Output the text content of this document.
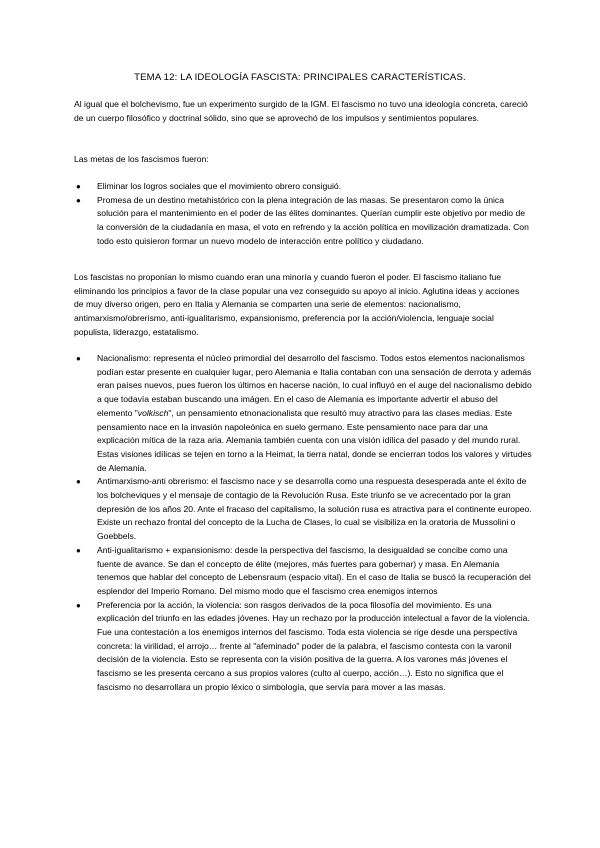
TEMA 12: LA IDEOLOGÍA FASCISTA: PRINCIPALES CARACTERÍSTICAS.

Al igual que el bolchevismo, fue un experimento surgido de la IGM. El fascismo no tuvo una ideología concreta, careció de un cuerpo filosófico y doctrinal sólido, sino que se aprovechó de los impulsos y sentimientos populares.

Las metas de los fascismos fueron:

● Eliminar los logros sociales que el movimiento obrero consiguió.
● Promesa de un destino metahistórico con la plena integración de las masas. Se presentaron como la única solución para el mantenimiento en el poder de las élites dominantes. Querían cumplir este objetivo por medio de la conversión de la ciudadanía en masa, el voto en refrendo y la acción política en movilización dramatizada. Con todo esto quisieron formar un nuevo modelo de interacción entre político y ciudadano.

Los fascistas no proponían lo mismo cuando eran una minoría y cuando fueron el poder. El fascismo italiano fue eliminando los principios a favor de la clase popular una vez conseguido su apoyo al inicio. Aglutina ideas y acciones de muy diverso origen, pero en Italia y Alemania se comparten una serie de elementos: nacionalismo, antimarxismo/obrerismo, anti-igualitarismo, expansionismo, preferencia por la acción/violencia, lenguaje social populista, liderazgo, estatalismo.

● Nacionalismo: representa el núcleo primordial del desarrollo del fascismo. Todos estos elementos nacionalismos podían estar presente en cualquier lugar, pero Alemania e Italia contaban con una sensación de derrota y además eran países nuevos, pues fueron los últimos en hacerse nación, lo cual influyó en el auge del nacionalismo debido a que todavía estaban buscando una imágen. En el caso de Alemania es importante advertir el abuso del elemento "volkisch", un pensamiento etnonacionalista que resultó muy atractivo para las clases medias. Este pensamiento nace en la invasión napoleónica en suelo germano. Este pensamiento nace para dar una explicación mítica de la raza aria. Alemania también cuenta con una visión idílica del pasado y del mundo rural. Estas visiones idílicas se tejen en torno a la Heimat, la tierra natal, donde se encierran todos los valores y virtudes de Alemania.
● Antimarxismo-anti obrerismo: el fascismo nace y se desarrolla como una respuesta desesperada ante el éxito de los bolcheviques y el mensaje de contagio de la Revolución Rusa. Este triunfo se ve acrecentado por la gran depresión de los años 20. Ante el fracaso del capitalismo, la solución rusa es atractiva para el continente europeo. Existe un rechazo frontal del concepto de la Lucha de Clases, lo cual se visibiliza en la oratoria de Mussolini o Goebbels.
● Anti-igualitarismo + expansionismo: desde la perspectiva del fascismo, la desigualdad se concibe como una fuente de avance. Se dan el concepto de élite (mejores, más fuertes para gobernar) y masa. En Alemania tenemos que hablar del concepto de Lebensraum (espacio vital). En el caso de Italia se buscó la recuperación del esplendor del Imperio Romano. Del mismo modo que el fascismo crea enemigos internos
● Preferencia por la acción, la violencia: son rasgos derivados de la poca filosofía del movimiento. Es una explicación del triunfo en las edades jóvenes. Hay un rechazo por la producción intelectual a favor de la violencia. Fue una contestación a los enemigos internos del fascismo. Toda esta violencia se rige desde una perspectiva concreta: la virilidad, el arrojo… frente al "afeminado" poder de la palabra, el fascismo contesta con la varonil decisión de la violencia. Esto se representa con la visión positiva de la guerra. A los varones más jóvenes el fascismo se les presenta cercano a sus propios valores (culto al cuerpo, acción…). Esto no significa que el fascismo no desarrollara un propio léxico o simbología, que servía para mover a las masas.
